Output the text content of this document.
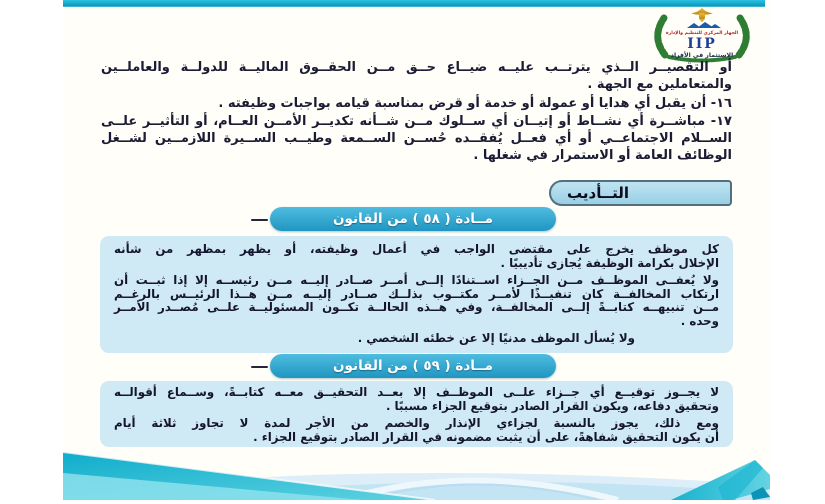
الجهاز المركزي للتنظيم والإدارة
IIP
الاستثمار في الأفراد
أو التقصيــر الــذي يترتــب عليــه ضيــاع حــق مــن الحقــوق الماليــة للدولــة والعاملــين
والمتعاملين مع الجهة .
١٦- أن يقبل أي هدايا أو عمولة أو خدمة أو قرض بمناسبة قيامه بواجبات وظيفته .
١٧- مباشــرة أي نشــاط أو إتيــان أي ســلوك مــن شــأنه تكديــر الأمــن العــام، أو التأثيــر علــى
الســلام الاجتماعــي أو أي فعــل يُفقــده حُســن الســمعة وطيــب الســيرة اللازمــين لشــغل
الوظائف العامة أو الاستمرار في شغلها .
التــأديب
مــادة ( ٥٨ ) من القانون
كل موظف يخرج على مقتضى الواجب في أعمال وظيفته، أو يظهر بمظهر من شأنه
الإخلال بكرامة الوظيفة يُجازى تأديبيًا .
ولا يُعفــى الموظــف مــن الجــزاء اســتنادًا إلــى أمــر صــادر إليــه مــن رئيســه إلا إذا ثبــت أن
ارتكاب المخالفــة كان تنفيــذًا لأمــر مكتــوب بذلــك صــادر إليــه مــن هــذا الرئيــس بالرغــم
مــن تنبيهــه كتابــةً إلــى المخالفــة، وفي هــذه الحالــة تكــون المسئوليــة علــى مُصــدر الأمــر
وحده .
ولا يُسأل الموظف مدنيًا إلا عن خطئه الشخصي .
مــادة ( ٥٩ ) من القانون
لا يجــوز توقيــع أي جــزاء علــى الموظــف إلا بعــد التحقيــق معــه كتابــةً، وســماع أقوالــه
وتحقيق دفاعه، ويكون القرار الصادر بتوقيع الجزاء مسببًا .
ومع ذلك، يجوز بالنسبة لجزاءي الإنذار والخصم من الأجر لمدة لا تجاوز ثلاثة أيام
أن يكون التحقيق شفاهةً، على أن يثبت مضمونه في القرار الصادر بتوقيع الجزاء .
